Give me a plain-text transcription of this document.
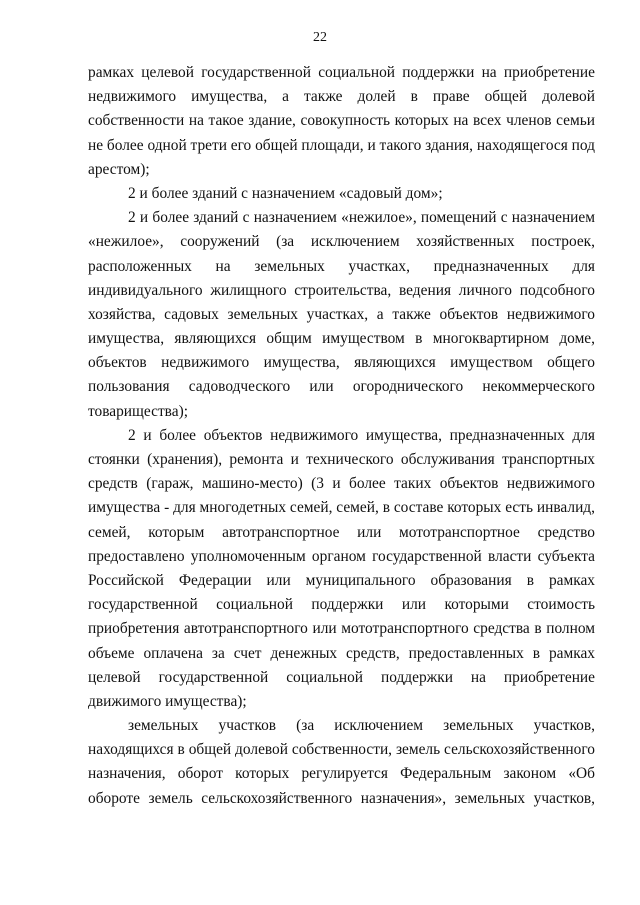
22
рамках целевой государственной социальной поддержки на приобретение
недвижимого имущества, а также долей в праве общей долевой
собственности на такое здание, совокупность которых на всех членов семьи
не более одной трети его общей площади, и такого здания, находящегося под
арестом);
2 и более зданий с назначением «садовый дом»;
2 и более зданий с назначением «нежилое», помещений с назначением
«нежилое», сооружений (за исключением хозяйственных построек,
расположенных на земельных участках, предназначенных для
индивидуального жилищного строительства, ведения личного подсобного
хозяйства, садовых земельных участках, а также объектов недвижимого
имущества, являющихся общим имуществом в многоквартирном доме,
объектов недвижимого имущества, являющихся имуществом общего
пользования садоводческого или огороднического некоммерческого
товарищества);
2 и более объектов недвижимого имущества, предназначенных для
стоянки (хранения), ремонта и технического обслуживания транспортных
средств (гараж, машино-место) (3 и более таких объектов недвижимого
имущества - для многодетных семей, семей, в составе которых есть инвалид,
семей, которым автотранспортное или мототранспортное средство
предоставлено уполномоченным органом государственной власти субъекта
Российской Федерации или муниципального образования в рамках
государственной социальной поддержки или которыми стоимость
приобретения автотранспортного или мототранспортного средства в полном
объеме оплачена за счет денежных средств, предоставленных в рамках
целевой государственной социальной поддержки на приобретение
движимого имущества);
земельных участков (за исключением земельных участков,
находящихся в общей долевой собственности, земель сельскохозяйственного
назначения, оборот которых регулируется Федеральным законом «Об
обороте земель сельскохозяйственного назначения», земельных участков,
